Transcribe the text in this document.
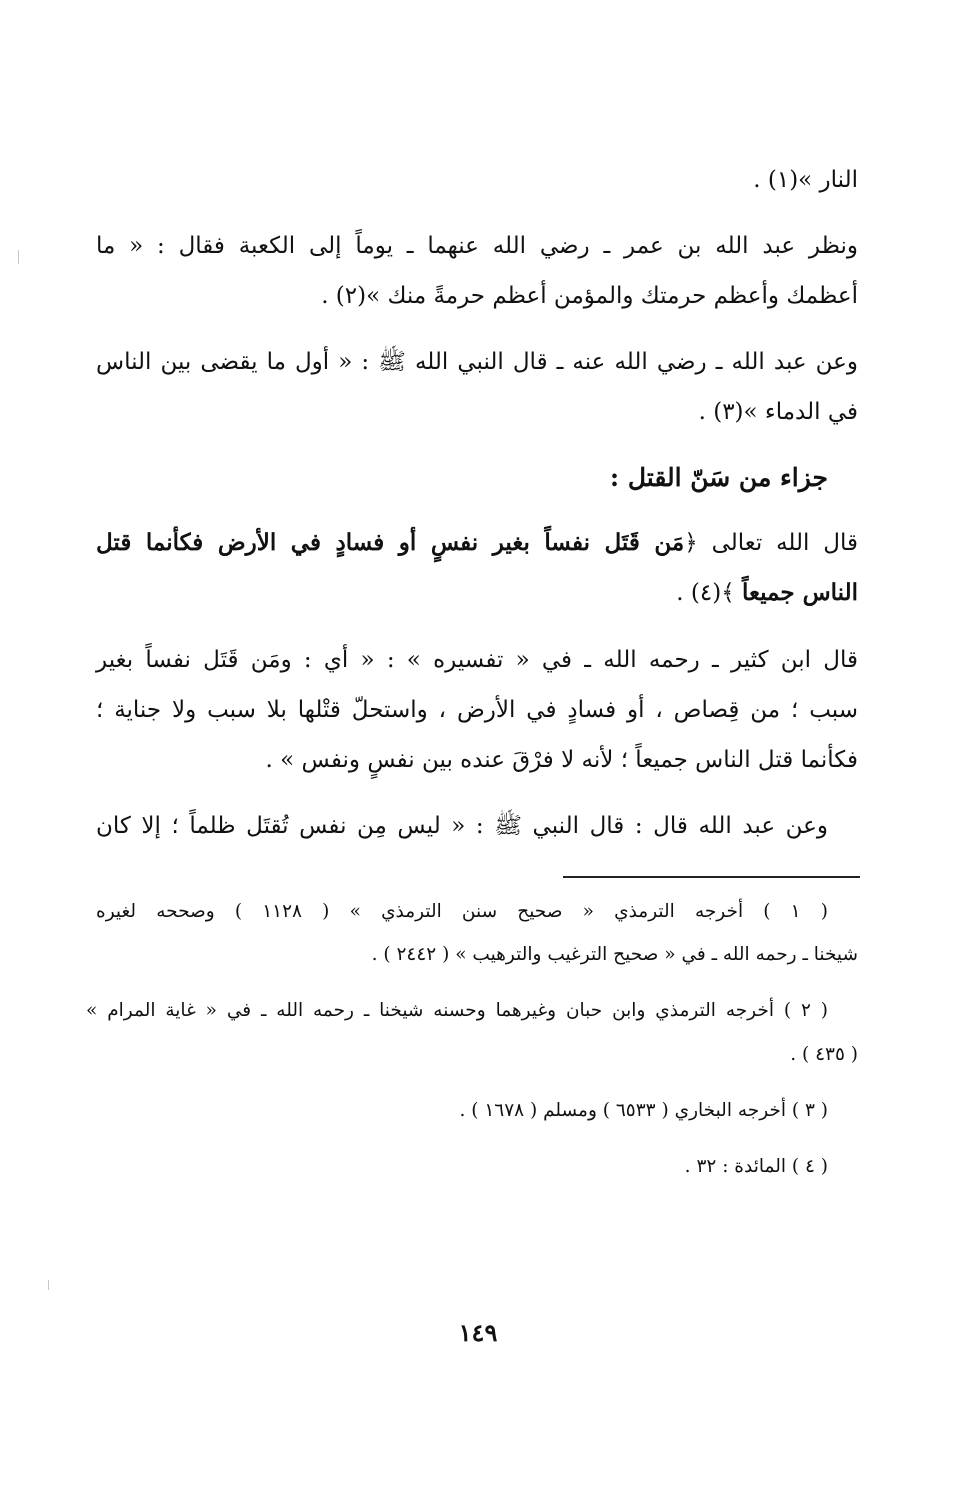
النار »(١) .
ونظر عبد الله بن عمر ـ رضي الله عنهما ـ يوماً إلى الكعبة فقال : « ما
أعظمك وأعظم حرمتك والمؤمن أعظم حرمةً منك »(٢) .
وعن عبد الله ـ رضي الله عنه ـ قال النبي الله ﷺ : « أول ما يقضى بين الناس
في الدماء »(٣) .
جزاء من سَنّ القتل :
قال الله تعالى ﴿مَن قَتَل نفساً بغير نفسٍ أو فسادٍ في الأرض فكأنما قتل
الناس جميعاً ﴾(٤) .
قال ابن كثير ـ رحمه الله ـ في « تفسيره » : « أي : ومَن قَتَل نفساً بغير
سبب ؛ من قِصاص ، أو فسادٍ في الأرض ، واستحلّ قتْلها بلا سبب ولا جناية ؛
فكأنما قتل الناس جميعاً ؛ لأنه لا فرْقَ عنده بين نفسٍ ونفس » .
وعن عبد الله قال : قال النبي ﷺ : « ليس مِن نفس تُقتَل ظلماً ؛ إلا كان
( ١ ) أخرجه الترمذي « صحيح سنن الترمذي » ( ١١٢٨ ) وصححه لغيره
شيخنا ـ رحمه الله ـ في « صحيح الترغيب والترهيب » ( ٢٤٤٢ ) .
( ٢ ) أخرجه الترمذي وابن حبان وغيرهما وحسنه شيخنا ـ رحمه الله ـ في « غاية المرام »
( ٤٣٥ ) .
( ٣ ) أخرجه البخاري ( ٦٥٣٣ ) ومسلم ( ١٦٧٨ ) .
( ٤ ) المائدة : ٣٢ .
١٤٩
